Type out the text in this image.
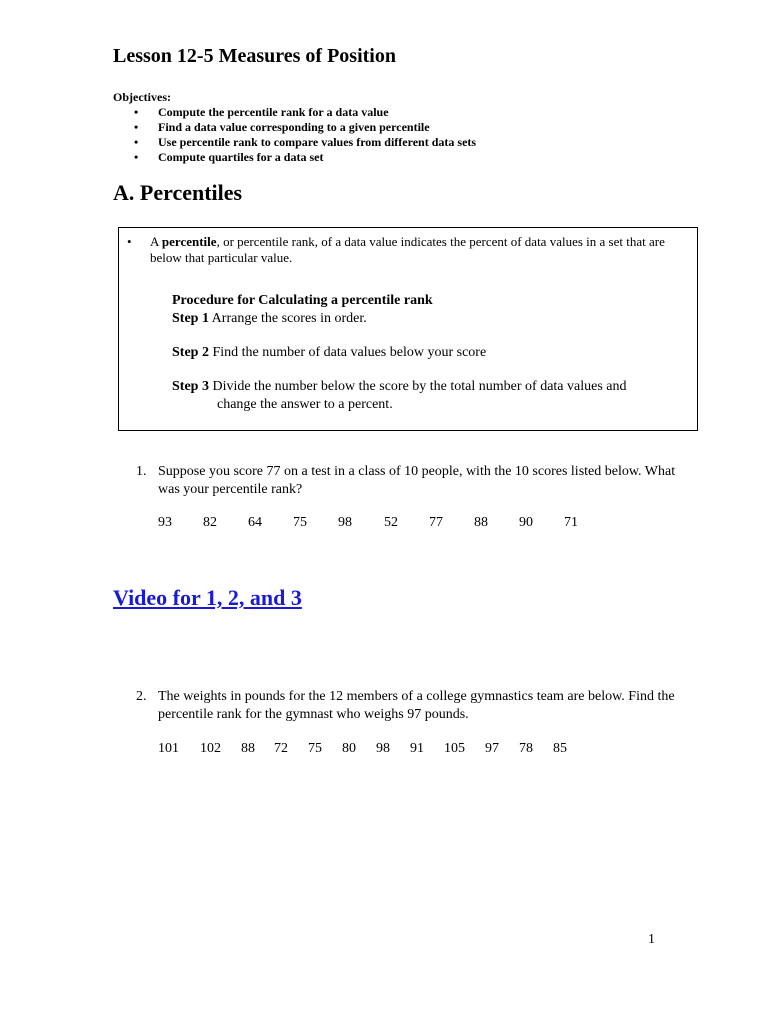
Lesson 12-5 Measures of Position
Objectives:
• Compute the percentile rank for a data value
• Find a data value corresponding to a given percentile
• Use percentile rank to compare values from different data sets
• Compute quartiles for a data set
A. Percentiles
• A percentile, or percentile rank, of a data value indicates the percent of data values in a set that are below that particular value.
Procedure for Calculating a percentile rank
Step 1 Arrange the scores in order.
Step 2 Find the number of data values below your score
Step 3 Divide the number below the score by the total number of data values and
change the answer to a percent.
1. Suppose you score 77 on a test in a class of 10 people, with the 10 scores listed below. What was your percentile rank?
93 82 64 75 98 52 77 88 90 71
Video for 1, 2, and 3
2. The weights in pounds for the 12 members of a college gymnastics team are below. Find the percentile rank for the gymnast who weighs 97 pounds.
101 102 88 72 75 80 98 91 105 97 78 85
1
